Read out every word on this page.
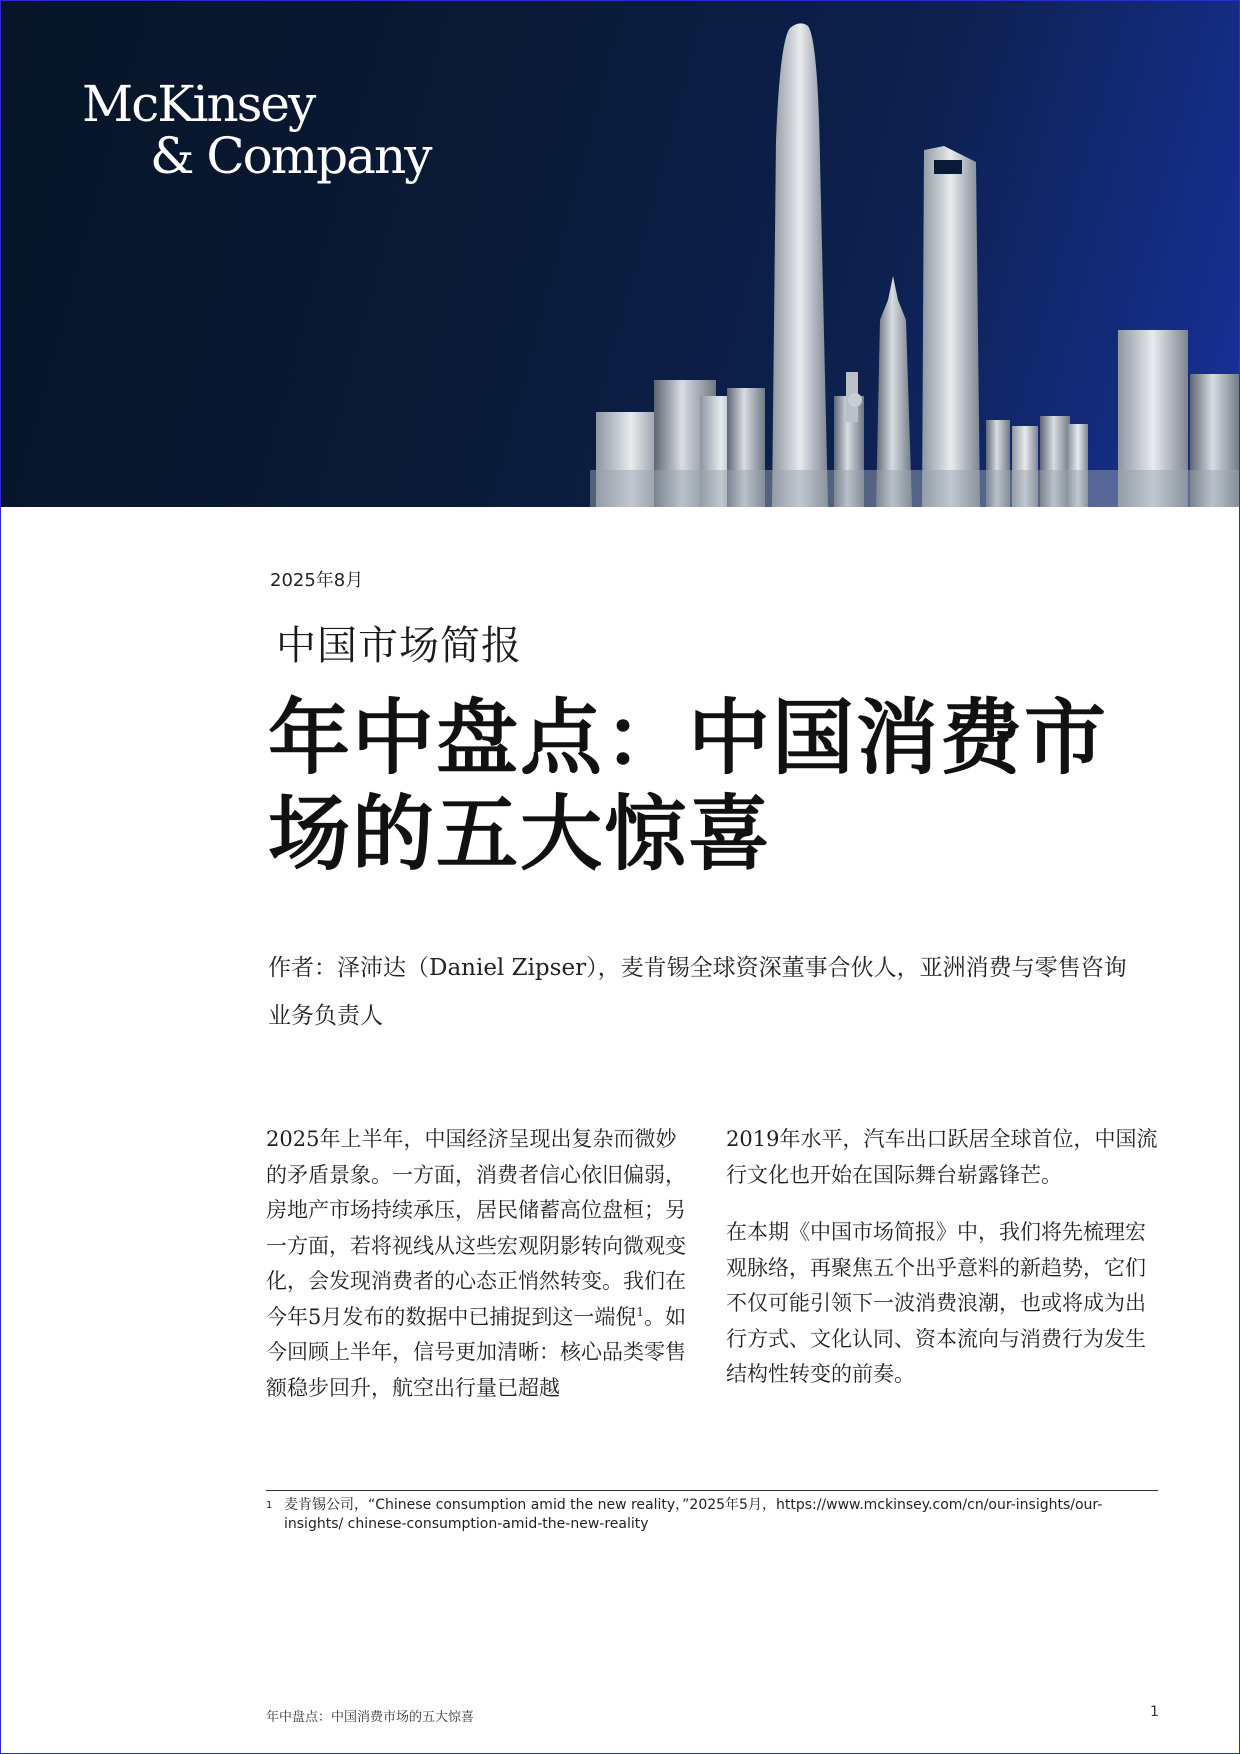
McKinsey
& Company
2025年8月
中国市场简报
年中盘点：中国消费市场的五大惊喜
作者：泽沛达（Daniel Zipser），麦肯锡全球资深董事合伙人，亚洲消费与零售咨询业务负责人

2025年上半年，中国经济呈现出复杂而微妙的矛盾景象。一方面，消费者信心依旧偏弱，房地产市场持续承压，居民储蓄高位盘桓；另一方面，若将视线从这些宏观阴影转向微观变化，会发现消费者的心态正悄然转变。我们在今年5月发布的数据中已捕捉到这一端倪$^1$。如今回顾上半年，信号更加清晰：核心品类零售额稳步回升，航空出行量已超越

2019年水平，汽车出口跃居全球首位，中国流行文化也开始在国际舞台崭露锋芒。

在本期《中国市场简报》中，我们将先梳理宏观脉络，再聚焦五个出乎意料的新趋势，它们不仅可能引领下一波消费浪潮，也或将成为出行方式、文化认同、资本流向与消费行为发生结构性转变的前奏。

1 麦肯锡公司，“Chinese consumption amid the new reality，”2025年5月，https://www.mckinsey.com/cn/our-insights/our-insights/ chinese-consumption-amid-the-new-reality
年中盘点：中国消费市场的五大惊喜	1
